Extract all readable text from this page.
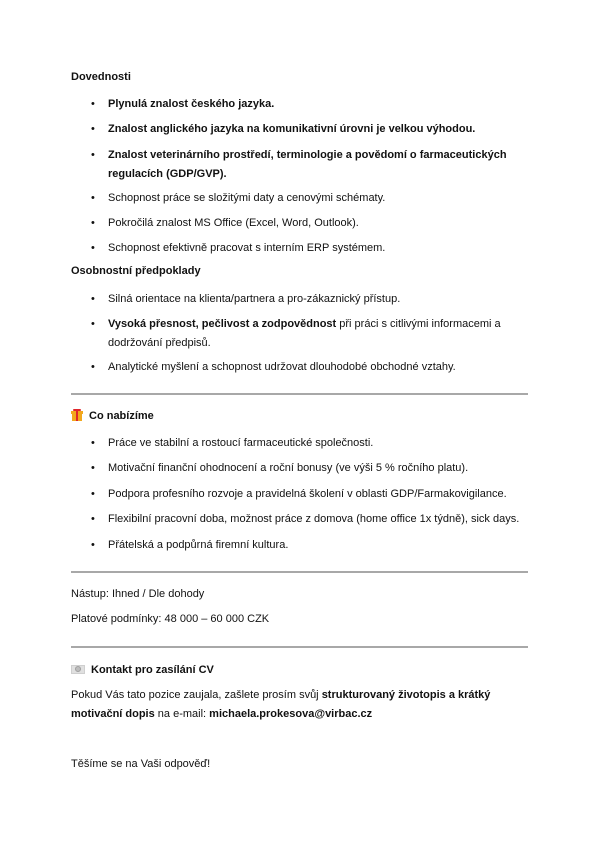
Dovednosti
• Plynulá znalost českého jazyka.
• Znalost anglického jazyka na komunikativní úrovni je velkou výhodou.
• Znalost veterinárního prostředí, terminologie a povědomí o farmaceutických regulacích (GDP/GVP).
• Schopnost práce se složitými daty a cenovými schématy.
• Pokročilá znalost MS Office (Excel, Word, Outlook).
• Schopnost efektivně pracovat s interním ERP systémem.
Osobnostní předpoklady
• Silná orientace na klienta/partnera a pro-zákaznický přístup.
• Vysoká přesnost, pečlivost a zodpovědnost při práci s citlivými informacemi a dodržování předpisů.
• Analytické myšlení a schopnost udržovat dlouhodobé obchodné vztahy.
Co nabízíme
• Práce ve stabilní a rostoucí farmaceutické společnosti.
• Motivační finanční ohodnocení a roční bonusy (ve výši 5 % ročního platu).
• Podpora profesního rozvoje a pravidelná školení v oblasti GDP/Farmakovigilance.
• Flexibilní pracovní doba, možnost práce z domova (home office 1x týdně), sick days.
• Přátelská a podpůrná firemní kultura.
Nástup: Ihned / Dle dohody
Platové podmínky: 48 000 – 60 000 CZK
Kontakt pro zasílání CV
Pokud Vás tato pozice zaujala, zašlete prosím svůj strukturovaný životopis a krátký motivační dopis na e-mail: michaela.prokesova@virbac.cz
Těšíme se na Vaši odpověď!
